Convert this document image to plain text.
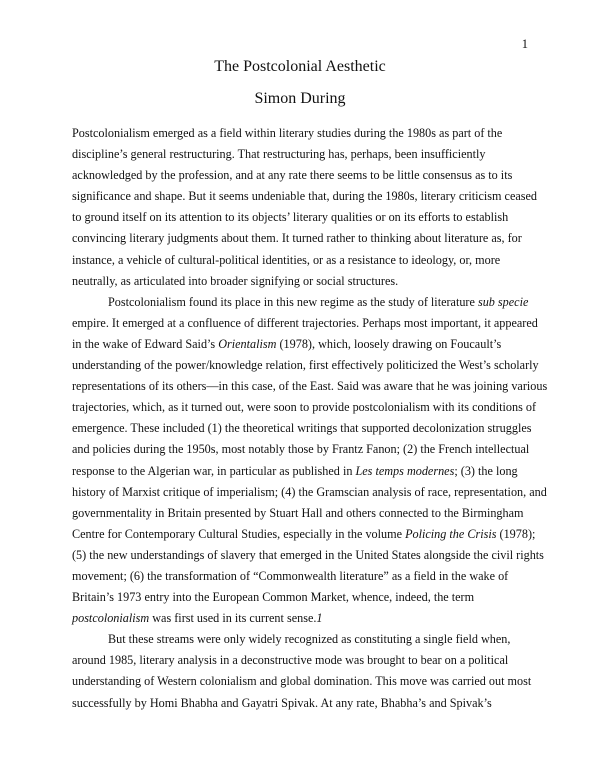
1
The Postcolonial Aesthetic
Simon During
Postcolonialism emerged as a field within literary studies during the 1980s as part of the
discipline’s general restructuring. That restructuring has, perhaps, been insufficiently
acknowledged by the profession, and at any rate there seems to be little consensus as to its
significance and shape. But it seems undeniable that, during the 1980s, literary criticism ceased
to ground itself on its attention to its objects’ literary qualities or on its efforts to establish
convincing literary judgments about them. It turned rather to thinking about literature as, for
instance, a vehicle of cultural-political identities, or as a resistance to ideology, or, more
neutrally, as articulated into broader signifying or social structures.
Postcolonialism found its place in this new regime as the study of literature sub specie
empire. It emerged at a confluence of different trajectories. Perhaps most important, it appeared
in the wake of Edward Said’s Orientalism (1978), which, loosely drawing on Foucault’s
understanding of the power/knowledge relation, first effectively politicized the West’s scholarly
representations of its others—in this case, of the East. Said was aware that he was joining various
trajectories, which, as it turned out, were soon to provide postcolonialism with its conditions of
emergence. These included (1) the theoretical writings that supported decolonization struggles
and policies during the 1950s, most notably those by Frantz Fanon; (2) the French intellectual
response to the Algerian war, in particular as published in Les temps modernes; (3) the long
history of Marxist critique of imperialism; (4) the Gramscian analysis of race, representation, and
governmentality in Britain presented by Stuart Hall and others connected to the Birmingham
Centre for Contemporary Cultural Studies, especially in the volume Policing the Crisis (1978);
(5) the new understandings of slavery that emerged in the United States alongside the civil rights
movement; (6) the transformation of “Commonwealth literature” as a field in the wake of
Britain’s 1973 entry into the European Common Market, whence, indeed, the term
postcolonialism was first used in its current sense.1
But these streams were only widely recognized as constituting a single field when,
around 1985, literary analysis in a deconstructive mode was brought to bear on a political
understanding of Western colonialism and global domination. This move was carried out most
successfully by Homi Bhabha and Gayatri Spivak. At any rate, Bhabha’s and Spivak’s
